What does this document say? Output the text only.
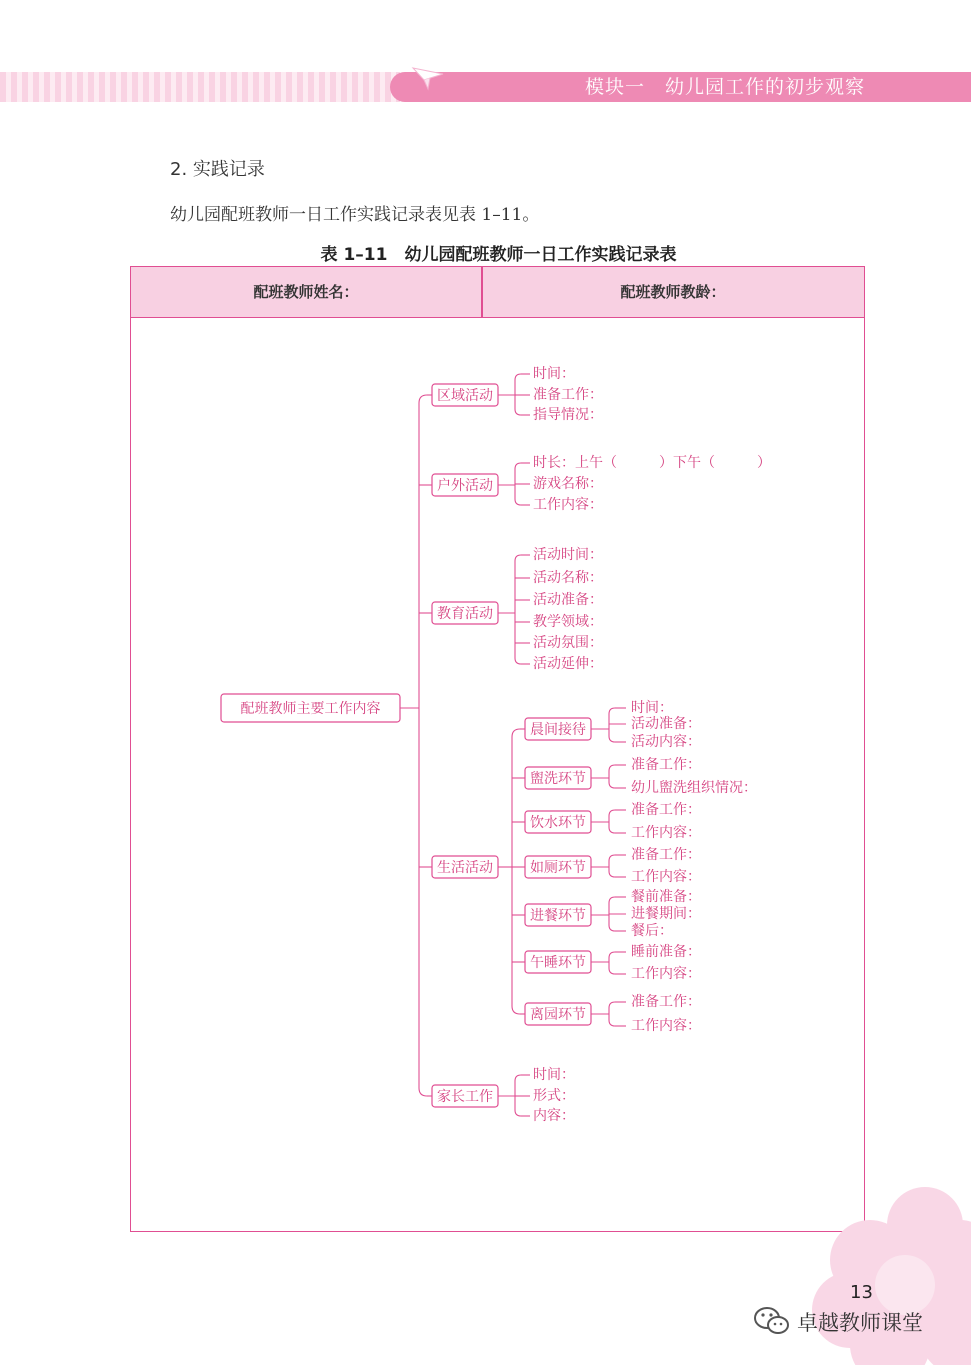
模块一　幼儿园工作的初步观察
2. 实践记录
幼儿园配班教师一日工作实践记录表见表 1–11。
表 1–11　幼儿园配班教师一日工作实践记录表
配班教师姓名：	配班教师教龄：
配班教师主要工作内容
区域活动
时间：
准备工作：
指导情况：
户外活动
时长：上午（　　　）下午（　　　）
游戏名称：
工作内容：
教育活动
活动时间：
活动名称：
活动准备：
教学领域：
活动氛围：
活动延伸：
生活活动
家长工作
时间：
形式：
内容：
晨间接待
时间：
活动准备：
活动内容：
盥洗环节
准备工作：
幼儿盥洗组织情况：
饮水环节
准备工作：
工作内容：
如厕环节
准备工作：
工作内容：
进餐环节
餐前准备：
进餐期间：
餐后：
午睡环节
睡前准备：
工作内容：
离园环节
准备工作：
工作内容：
13
卓越教师课堂
